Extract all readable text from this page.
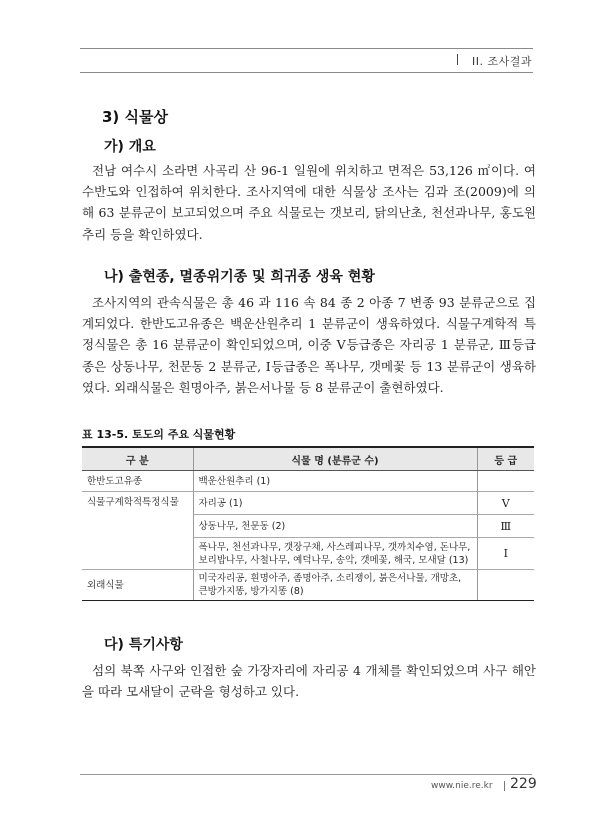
II. 조사결과
3) 식물상
가) 개요

전남 여수시 소라면 사곡리 산 96-1 일원에 위치하고 면적은 53,126 ㎡이다. 여수반도와 인접하여 위치한다. 조사지역에 대한 식물상 조사는 김과 조(2009)에 의해 63 분류군이 보고되었으며 주요 식물로는 갯보리, 닭의난초, 천선과나무, 홍도원추리 등을 확인하였다.

나) 출현종, 멸종위기종 및 희귀종 생육 현황

조사지역의 관속식물은 총 46 과 116 속 84 종 2 아종 7 변종 93 분류군으로 집계되었다. 한반도고유종은 백운산원추리 1 분류군이 생육하였다. 식물구계학적 특정식물은 총 16 분류군이 확인되었으며, 이중 Ⅴ등급종은 자리공 1 분류군, Ⅲ등급종은 상동나무, 천문동 2 분류군, Ⅰ등급종은 폭나무, 갯메꽃 등 13 분류군이 생육하였다. 외래식물은 흰명아주, 붉은서나물 등 8 분류군이 출현하였다.

표 13-5. 토도의 주요 식물현황
구 분	식물 명 (분류군 수)	등 급
한반도고유종	백운산원추리 (1)	
식물구계학적특정식물	자리공 (1)	Ⅴ
	상동나무, 천문동 (2)	Ⅲ
	폭나무, 천선과나무, 갯장구채, 사스레피나무, 갯까치수염, 돈나무, 보리밥나무, 사철나무, 예덕나무, 송악, 갯메꽃, 해국, 모새달 (13)	Ⅰ
외래식물	미국자리공, 흰명아주, 좀명아주, 소리쟁이, 붉은서나물, 개망초, 큰방가지똥, 방가지똥 (8)	
다) 특기사항

섬의 북쪽 사구와 인접한 숲 가장자리에 자리공 4 개체를 확인되었으며 사구 해안을 따라 모새달이 군락을 형성하고 있다.

www.nie.re.kr 229
